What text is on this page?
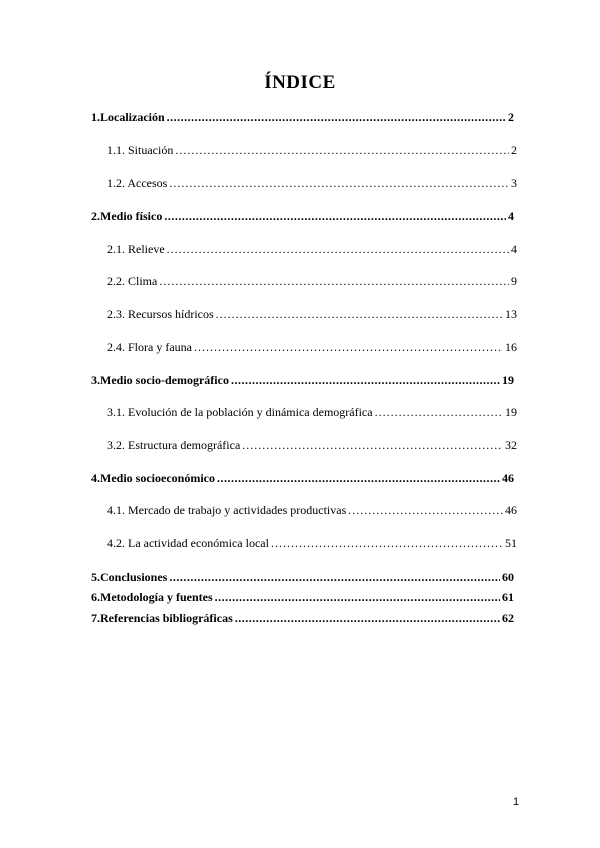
ÍNDICE
1. Localización .....	2
1.1. Situación .....	2
1.2. Accesos .....	3
2. Medio físico .....	4
2.1. Relieve .....	4
2.2. Clima .....	9
2.3. Recursos hídricos .....	13
2.4. Flora y fauna .....	16
3. Medio socio-demográfico .....	19
3.1. Evolución de la población y dinámica demográfica .....	19
3.2. Estructura demográfica .....	32
4. Medio socioeconómico .....	46
4.1. Mercado de trabajo y actividades productivas .....	46
4.2. La actividad económica local .....	51
5. Conclusiones .....	60
6. Metodología y fuentes .....	61
7. Referencias bibliográficas .....	62
1
